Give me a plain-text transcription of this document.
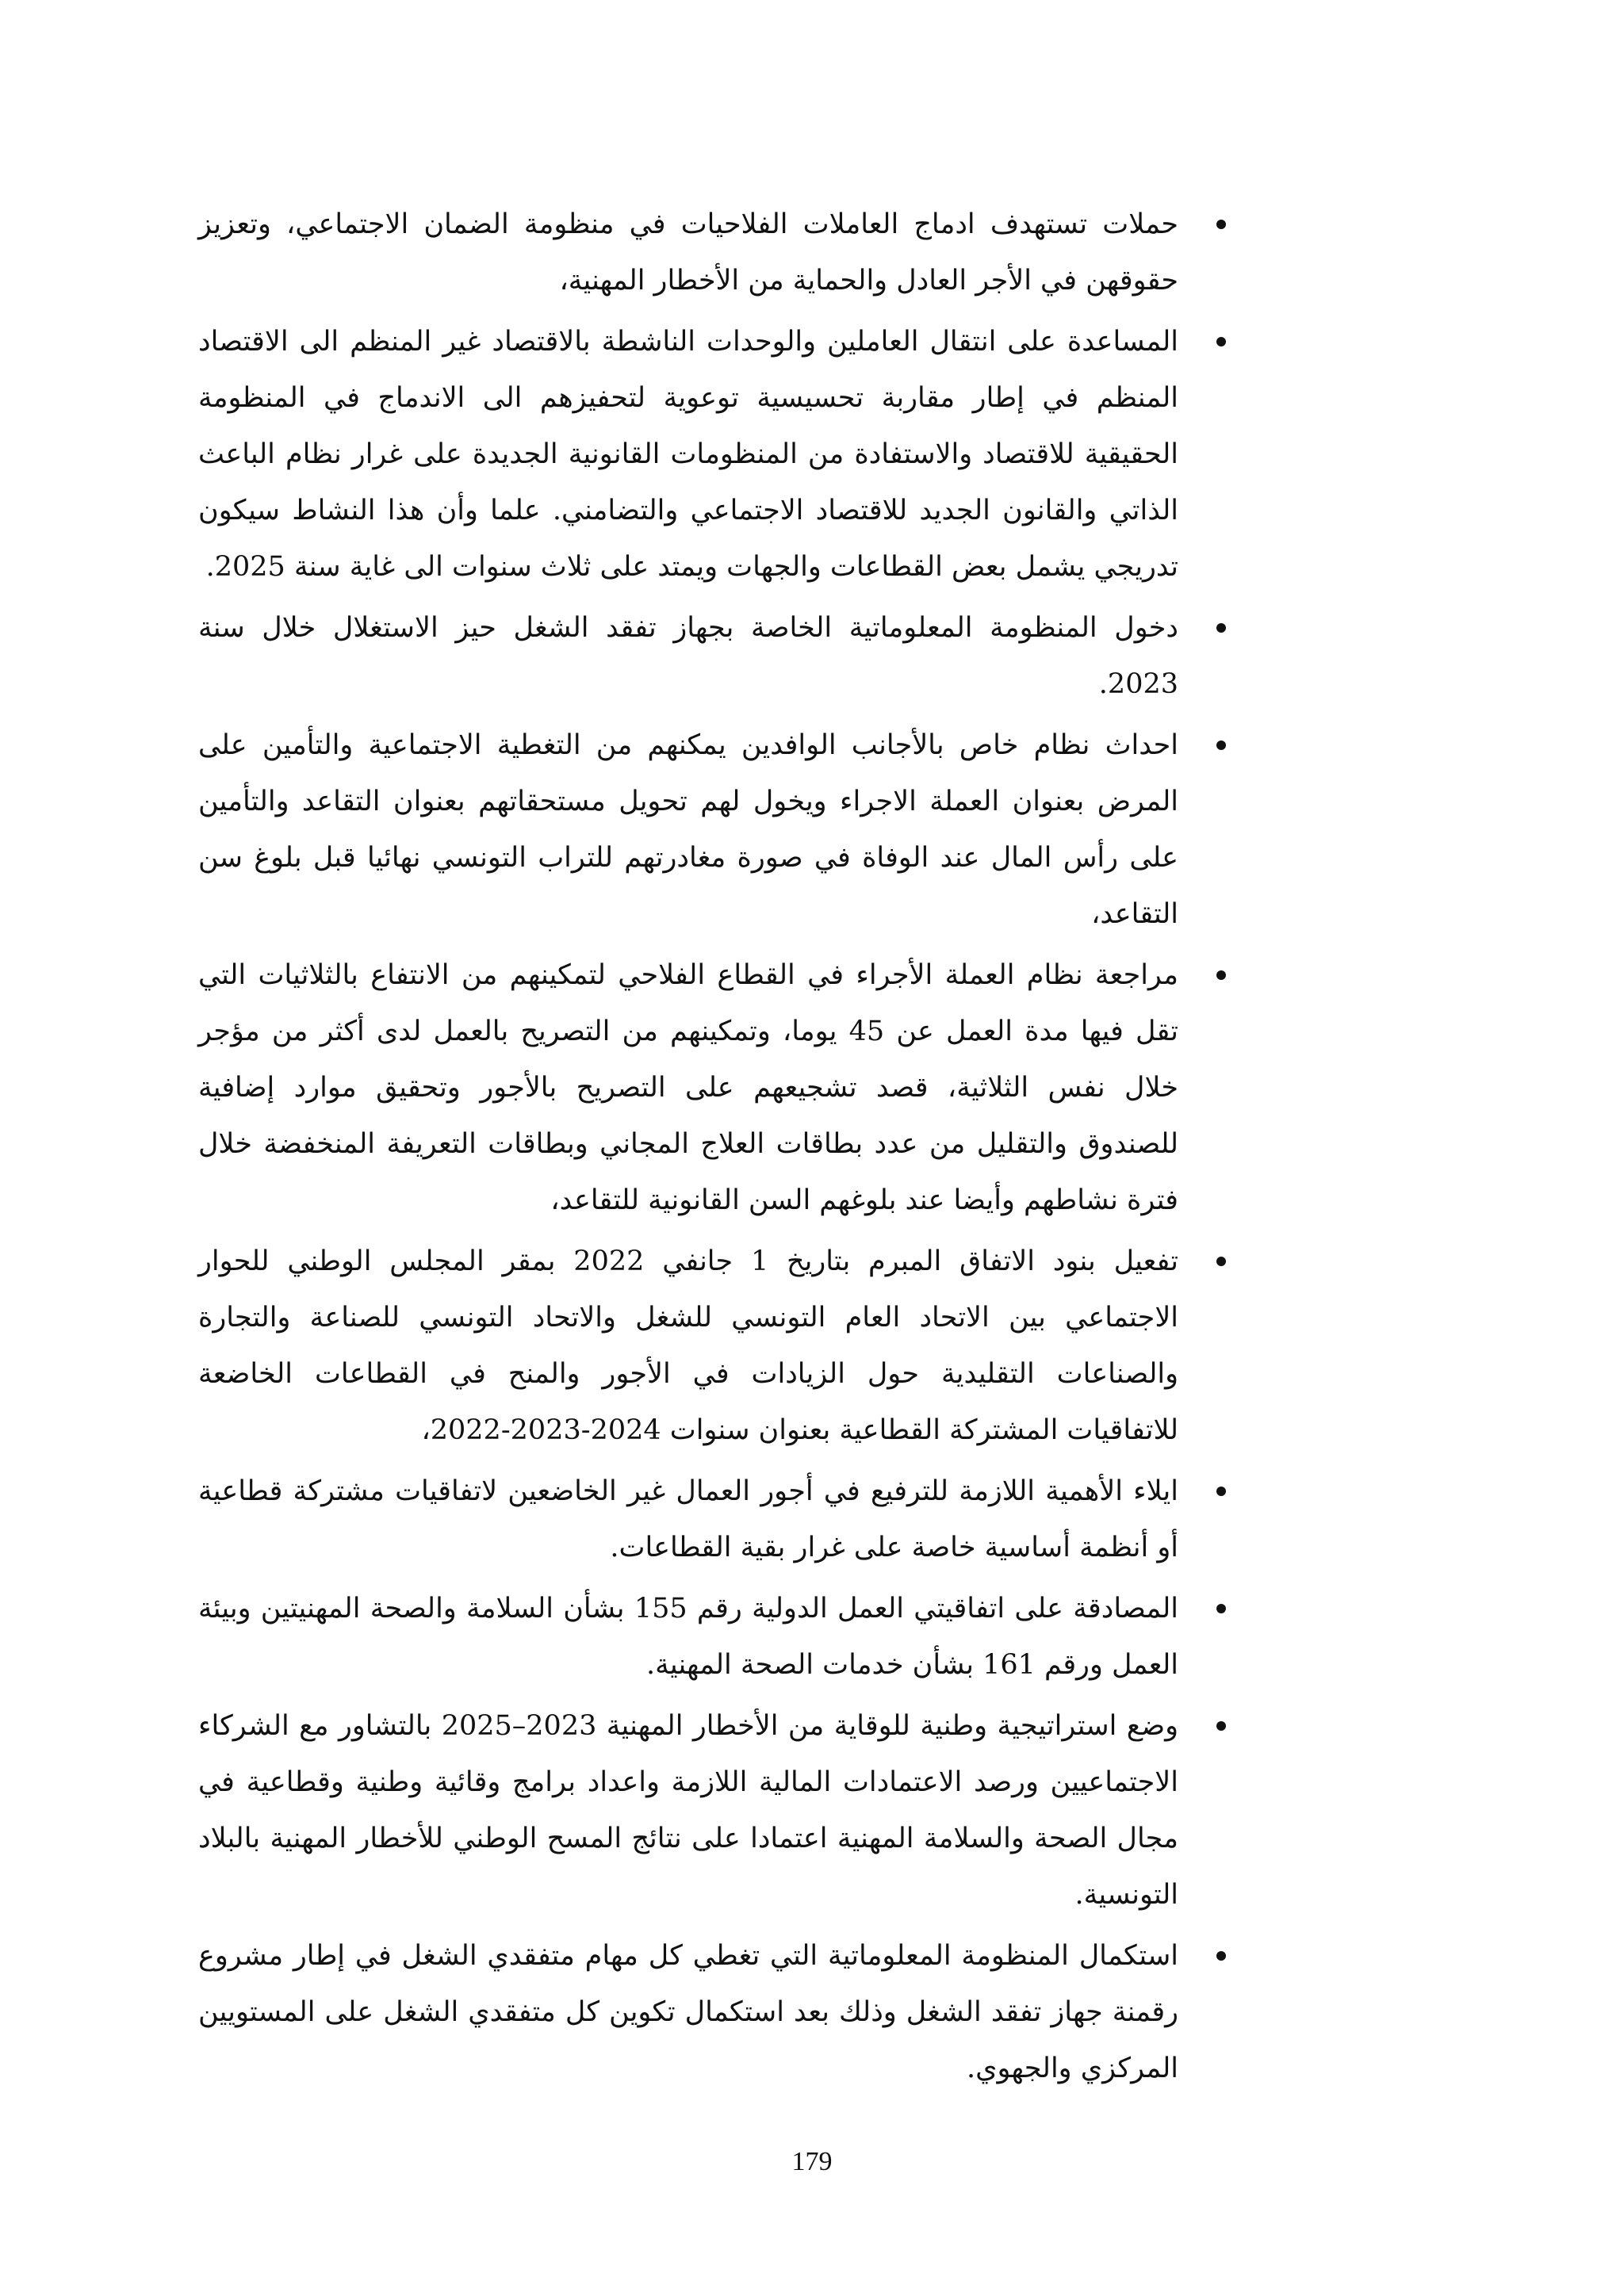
حملات تستهدف ادماج العاملات الفلاحيات في منظومة الضمان الاجتماعي، وتعزيز حقوقهن في الأجر العادل والحماية من الأخطار المهنية،
المساعدة على انتقال العاملين والوحدات الناشطة بالاقتصاد غير المنظم الى الاقتصاد المنظم في إطار مقاربة تحسيسية توعوية لتحفيزهم الى الاندماج في المنظومة الحقيقية للاقتصاد والاستفادة من المنظومات القانونية الجديدة على غرار نظام الباعث الذاتي والقانون الجديد للاقتصاد الاجتماعي والتضامني. علما وأن هذا النشاط سيكون تدريجي يشمل بعض القطاعات والجهات ويمتد على ثلاث سنوات الى غاية سنة 2025.
دخول المنظومة المعلوماتية الخاصة بجهاز تفقد الشغل حيز الاستغلال خلال سنة 2023.
احداث نظام خاص بالأجانب الوافدين يمكنهم من التغطية الاجتماعية والتأمين على المرض بعنوان العملة الاجراء ويخول لهم تحويل مستحقاتهم بعنوان التقاعد والتأمين على رأس المال عند الوفاة في صورة مغادرتهم للتراب التونسي نهائيا قبل بلوغ سن التقاعد،
مراجعة نظام العملة الأجراء في القطاع الفلاحي لتمكينهم من الانتفاع بالثلاثيات التي تقل فيها مدة العمل عن 45 يوما، وتمكينهم من التصريح بالعمل لدى أكثر من مؤجر خلال نفس الثلاثية، قصد تشجيعهم على التصريح بالأجور وتحقيق موارد إضافية للصندوق والتقليل من عدد بطاقات العلاج المجاني وبطاقات التعريفة المنخفضة خلال فترة نشاطهم وأيضا عند بلوغهم السن القانونية للتقاعد،
تفعيل بنود الاتفاق المبرم بتاريخ 1 جانفي 2022 بمقر المجلس الوطني للحوار الاجتماعي بين الاتحاد العام التونسي للشغل والاتحاد التونسي للصناعة والتجارة والصناعات التقليدية حول الزيادات في الأجور والمنح في القطاعات الخاضعة للاتفاقيات المشتركة القطاعية بعنوان سنوات 2024-2023-2022،
ايلاء الأهمية اللازمة للترفيع في أجور العمال غير الخاضعين لاتفاقيات مشتركة قطاعية أو أنظمة أساسية خاصة على غرار بقية القطاعات.
المصادقة على اتفاقيتي العمل الدولية رقم 155 بشأن السلامة والصحة المهنيتين وبيئة العمل ورقم 161 بشأن خدمات الصحة المهنية.
وضع استراتيجية وطنية للوقاية من الأخطار المهنية 2023–2025 بالتشاور مع الشركاء الاجتماعيين ورصد الاعتمادات المالية اللازمة واعداد برامج وقائية وطنية وقطاعية في مجال الصحة والسلامة المهنية اعتمادا على نتائج المسح الوطني للأخطار المهنية بالبلاد التونسية.
استكمال المنظومة المعلوماتية التي تغطي كل مهام متفقدي الشغل في إطار مشروع رقمنة جهاز تفقد الشغل وذلك بعد استكمال تكوين كل متفقدي الشغل على المستويين المركزي والجهوي.
179
